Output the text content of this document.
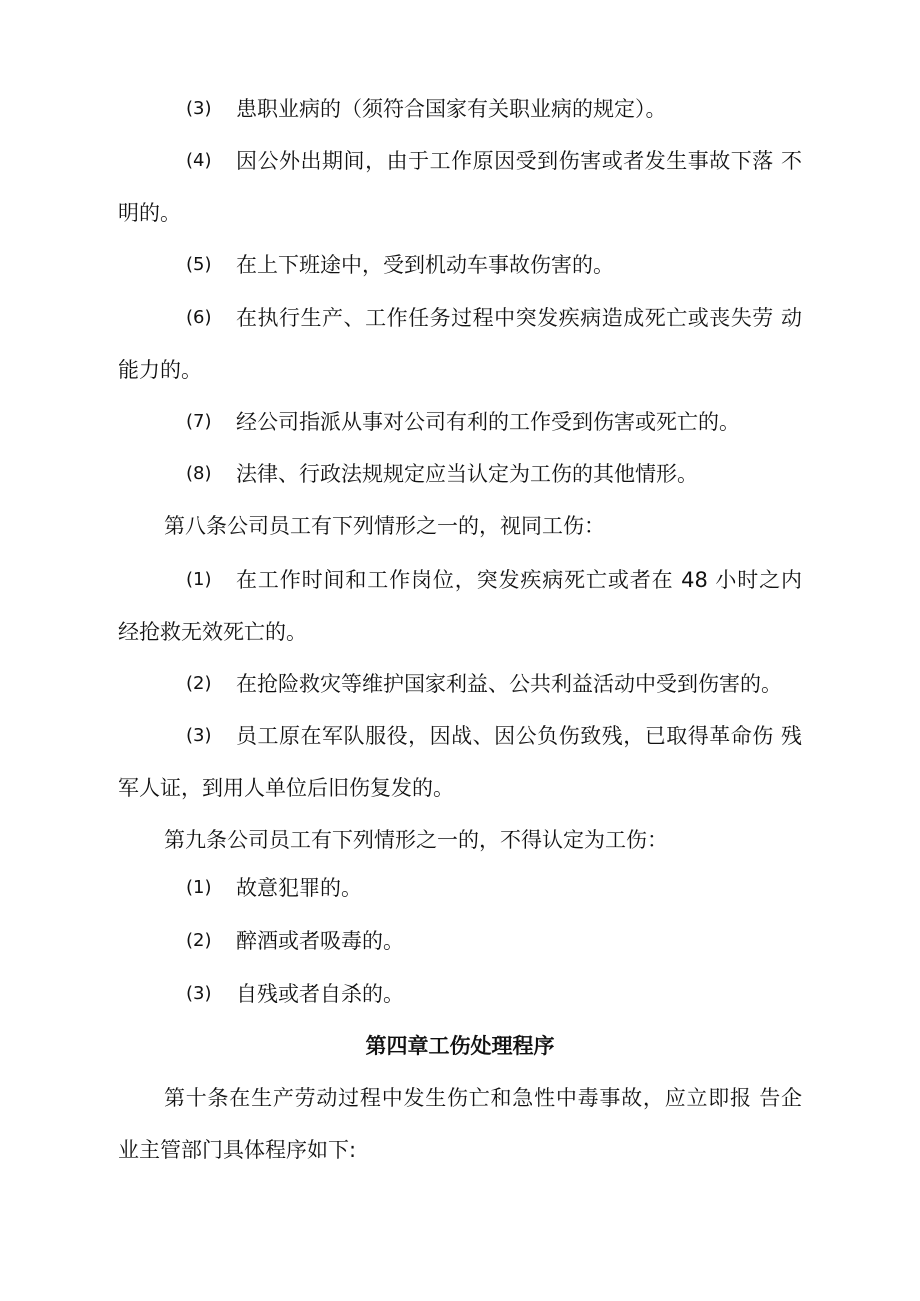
(3) 患职业病的（须符合国家有关职业病的规定）。
(4) 因公外出期间，由于工作原因受到伤害或者发生事故下落 不
明的。
(5) 在上下班途中，受到机动车事故伤害的。
(6) 在执行生产、工作任务过程中突发疾病造成死亡或丧失劳 动
能力的。
(7) 经公司指派从事对公司有利的工作受到伤害或死亡的。
(8) 法律、行政法规规定应当认定为工伤的其他情形。
第八条公司员工有下列情形之一的，视同工伤：
(1) 在工作时间和工作岗位，突发疾病死亡或者在 48 小时之内
经抢救无效死亡的。
(2) 在抢险救灾等维护国家利益、公共利益活动中受到伤害的。
(3) 员工原在军队服役，因战、因公负伤致残，已取得革命伤 残
军人证，到用人单位后旧伤复发的。
第九条公司员工有下列情形之一的，不得认定为工伤：
(1) 故意犯罪的。
(2) 醉酒或者吸毒的。
(3) 自残或者自杀的。
第四章工伤处理程序
第十条在生产劳动过程中发生伤亡和急性中毒事故，应立即报 告企
业主管部门具体程序如下:
